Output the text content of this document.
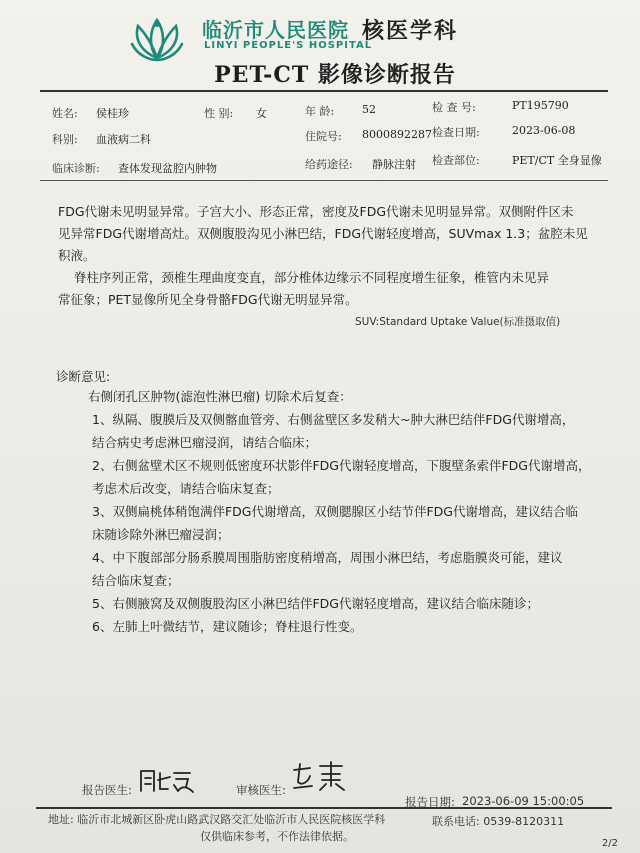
临沂市人民医院
LINYI PEOPLE'S HOSPITAL
核医学科
PET-CT 影像诊断报告
姓名: 侯桂珍	性 别: 女	年 龄:	52	检 查 号:	PT195790
科别: 血液病二科	住院号: 8000892287 检查日期:	2023-06-08
临床诊断: 查体发现盆腔内肿物	给药途径: 静脉注射 检查部位:	PET/CT 全身显像
FDG代谢未见明显异常。子宫大小、形态正常，密度及FDG代谢未见明显异常。双侧附件区未
见异常FDG代谢增高灶。双侧腹股沟见小淋巴结，FDG代谢轻度增高，SUVmax 1.3；盆腔未见
积液。
脊柱序列正常，颈椎生理曲度变直，部分椎体边缘示不同程度增生征象，椎管内未见异
常征象；PET显像所见全身骨骼FDG代谢无明显异常。
SUV:Standard Uptake Value(标准摄取值)
诊断意见:
右侧闭孔区肿物(滤泡性淋巴瘤) 切除术后复查：
1、纵隔、腹膜后及双侧髂血管旁、右侧盆壁区多发稍大~肿大淋巴结伴FDG代谢增高，
结合病史考虑淋巴瘤浸润，请结合临床；
2、右侧盆壁术区不规则低密度环状影伴FDG代谢轻度增高，下腹壁条索伴FDG代谢增高，
考虑术后改变，请结合临床复查；
3、双侧扁桃体稍饱满伴FDG代谢增高，双侧腮腺区小结节伴FDG代谢增高，建议结合临
床随诊除外淋巴瘤浸润；
4、中下腹部部分肠系膜周围脂肪密度稍增高，周围小淋巴结，考虑脂膜炎可能，建议
结合临床复查；
5、右侧腋窝及双侧腹股沟区小淋巴结伴FDG代谢轻度增高，建议结合临床随诊；
6、左肺上叶微结节，建议随诊；脊柱退行性变。
报告医生:	审核医生:
报告日期: 2023-06-09 15:00:05
地址: 临沂市北城新区卧虎山路武汉路交汇处临沂市人民医院核医学科	联系电话: 0539-8120311
仅供临床参考，不作法律依据。
2/2
